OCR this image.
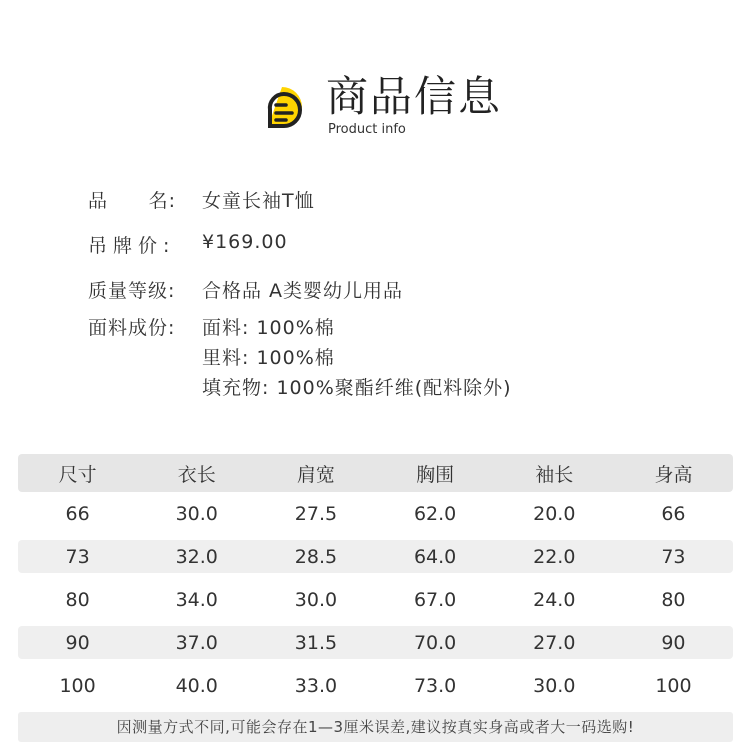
商品信息
Product info
品 名: 女童长袖T恤
吊牌价:	¥169.00
质量等级:	合格品 A类婴幼儿用品
面料成份:	面料: 100%棉
里料: 100%棉
填充物: 100%聚酯纤维(配料除外)
尺寸	衣长	肩宽	胸围	袖长	身高
66	30.0	27.5	62.0	20.0	66
73	32.0	28.5	64.0	22.0	73
80	34.0	30.0	67.0	24.0	80
90	37.0	31.5	70.0	27.0	90
100	40.0	33.0	73.0	30.0	100
因测量方式不同,可能会存在1—3厘米误差,建议按真实身高或者大一码选购!
